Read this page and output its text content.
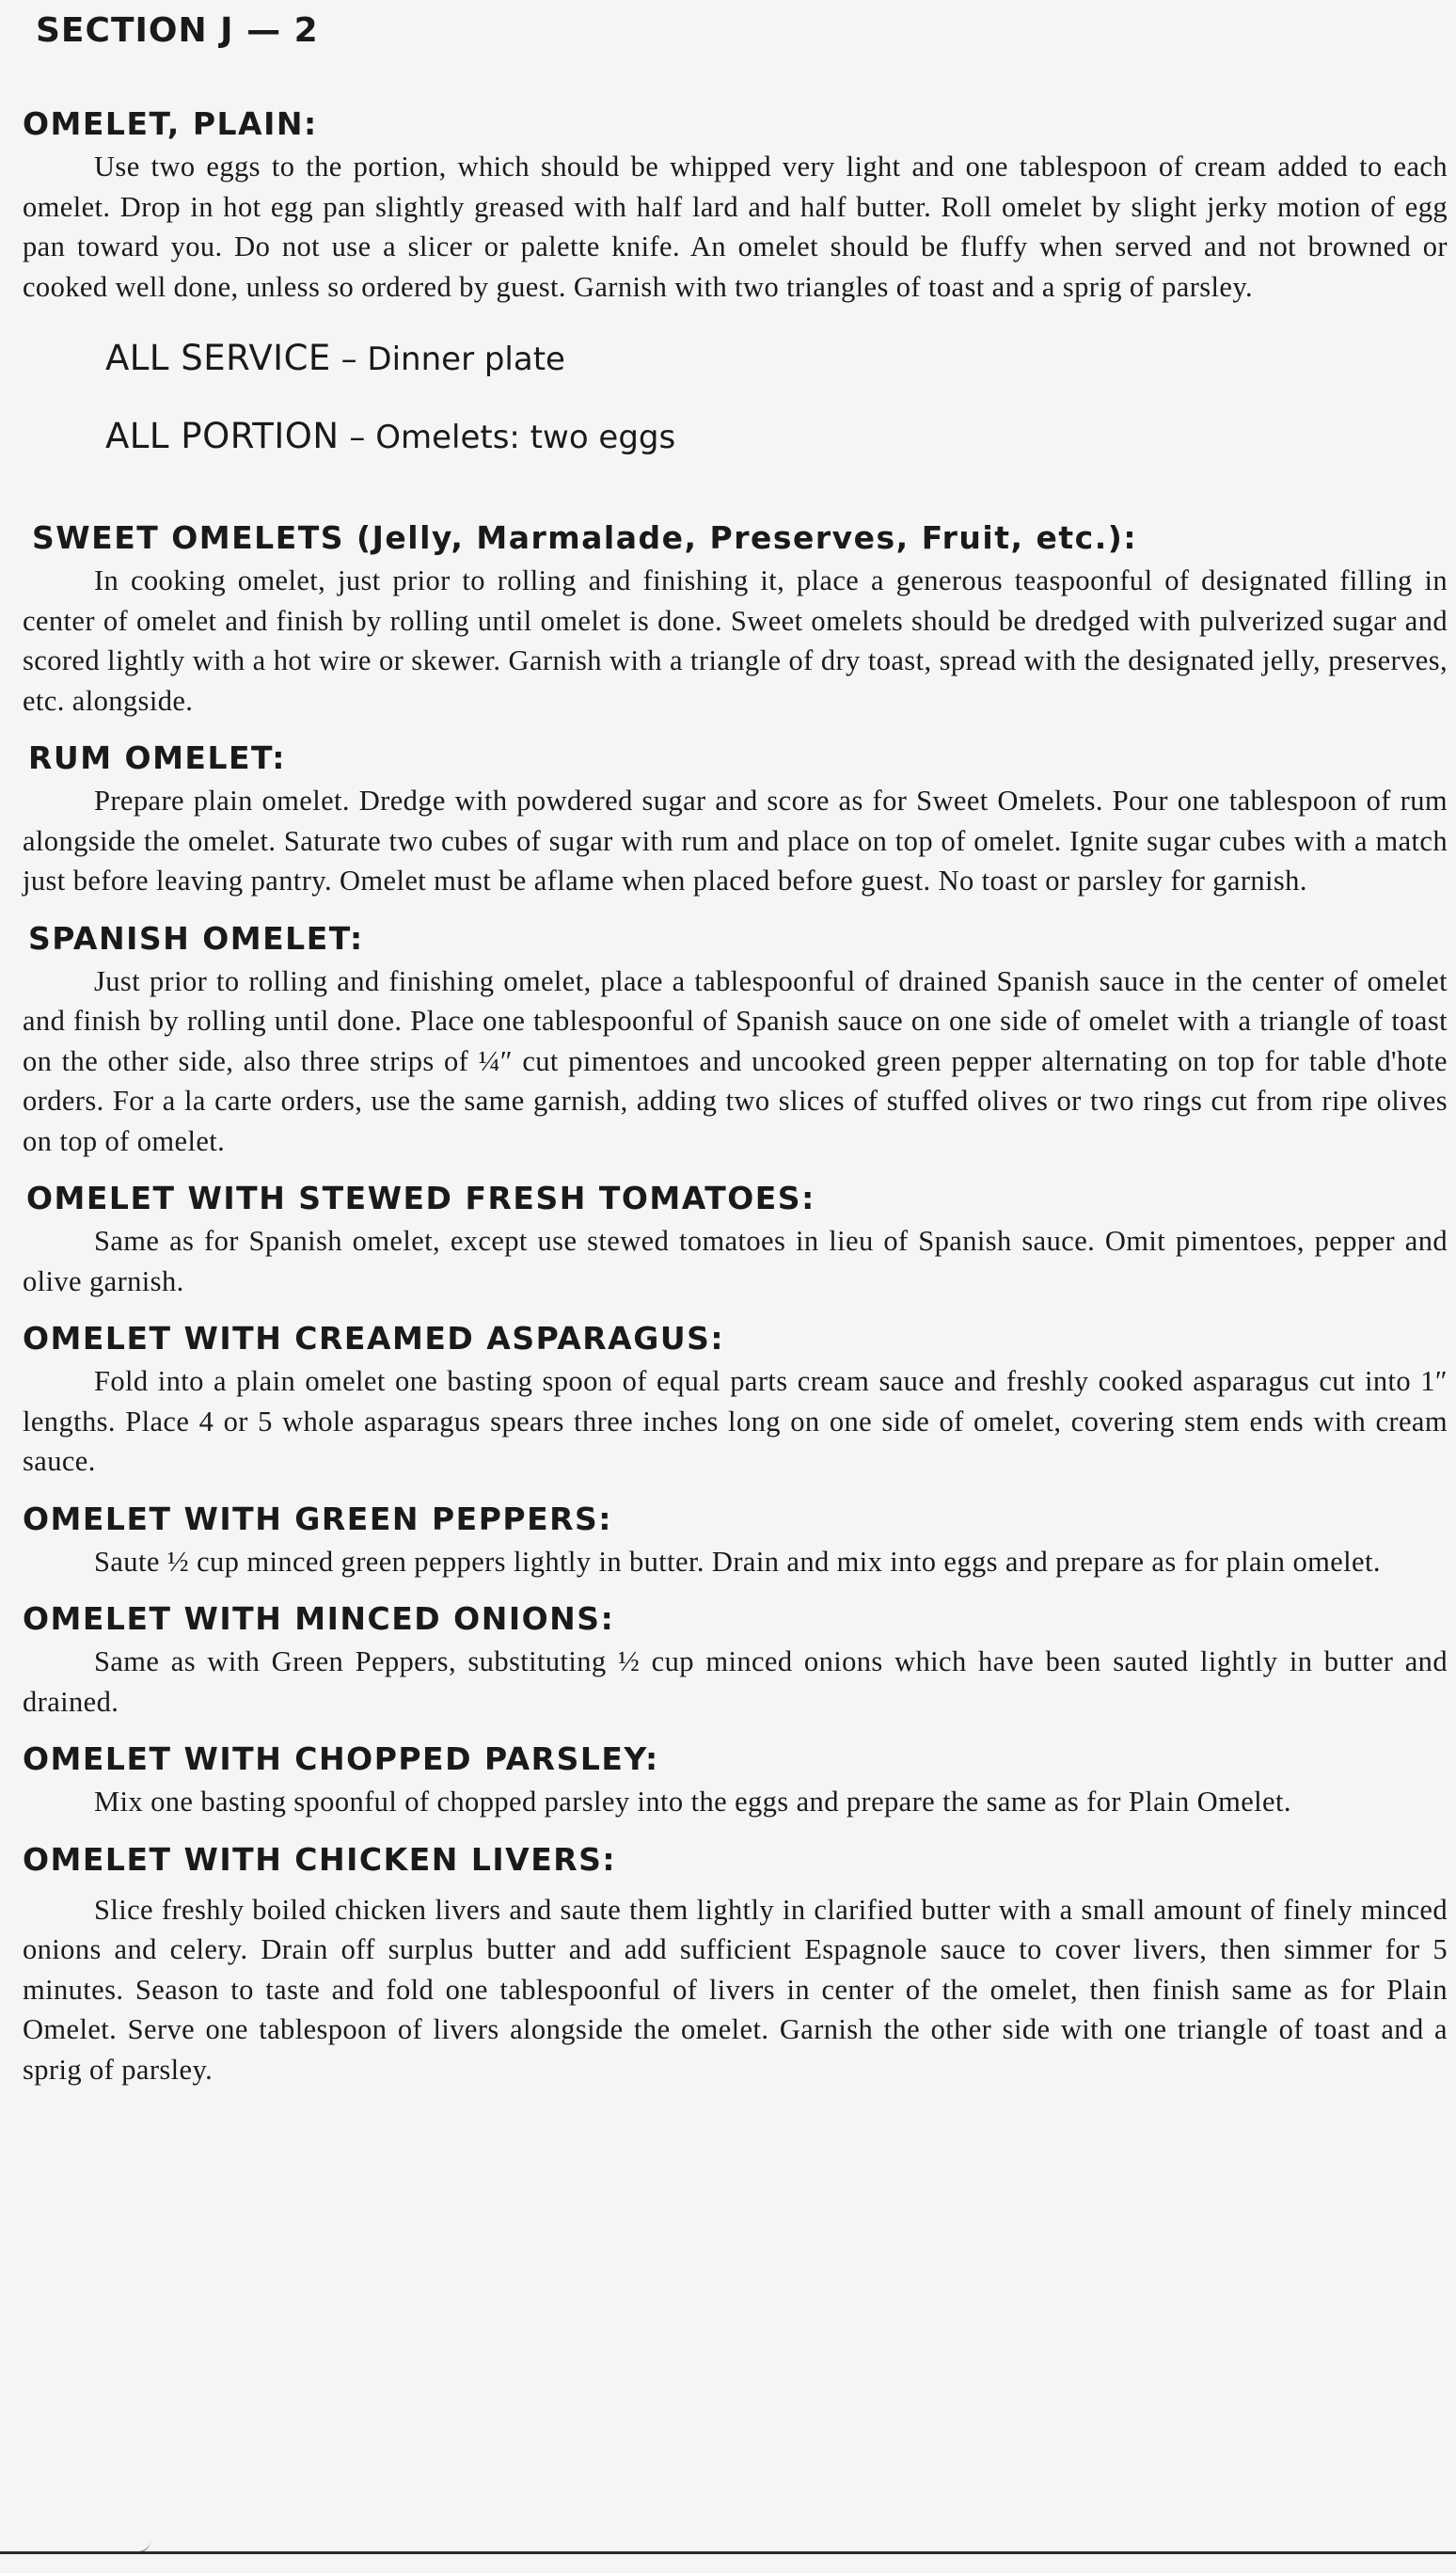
SECTION J — 2
OMELET, PLAIN:

Use two eggs to the portion, which should be whipped very light and one tablespoon of cream added to each omelet. Drop in hot egg pan slightly greased with half lard and half butter. Roll omelet by slight jerky motion of egg pan toward you. Do not use a slicer or palette knife. An omelet should be fluffy when served and not browned or cooked well done, unless so ordered by guest. Garnish with two triangles of toast and a sprig of parsley.

ALL SERVICE – Dinner plate
ALL PORTION – Omelets: two eggs
SWEET OMELETS (Jelly, Marmalade, Preserves, Fruit, etc.):

In cooking omelet, just prior to rolling and finishing it, place a generous teaspoonful of designated filling in center of omelet and finish by rolling until omelet is done. Sweet omelets should be dredged with pulverized sugar and scored lightly with a hot wire or skewer. Garnish with a triangle of dry toast, spread with the designated jelly, preserves, etc. alongside.

RUM OMELET:

Prepare plain omelet. Dredge with powdered sugar and score as for Sweet Omelets. Pour one tablespoon of rum alongside the omelet. Saturate two cubes of sugar with rum and place on top of omelet. Ignite sugar cubes with a match just before leaving pantry. Omelet must be aflame when placed before guest. No toast or parsley for garnish.

SPANISH OMELET:

Just prior to rolling and finishing omelet, place a tablespoonful of drained Spanish sauce in the center of omelet and finish by rolling until done. Place one tablespoonful of Spanish sauce on one side of omelet with a triangle of toast on the other side, also three strips of ¼″ cut pimentoes and uncooked green pepper alternating on top for table d'hote orders. For a la carte orders, use the same garnish, adding two slices of stuffed olives or two rings cut from ripe olives on top of omelet.

OMELET WITH STEWED FRESH TOMATOES:

Same as for Spanish omelet, except use stewed tomatoes in lieu of Spanish sauce. Omit pimentoes, pepper and olive garnish.

OMELET WITH CREAMED ASPARAGUS:

Fold into a plain omelet one basting spoon of equal parts cream sauce and freshly cooked asparagus cut into 1″ lengths. Place 4 or 5 whole asparagus spears three inches long on one side of omelet, covering stem ends with cream sauce.

OMELET WITH GREEN PEPPERS:

Saute ½ cup minced green peppers lightly in butter. Drain and mix into eggs and prepare as for plain omelet.

OMELET WITH MINCED ONIONS:

Same as with Green Peppers, substituting ½ cup minced onions which have been sauted lightly in butter and drained.

OMELET WITH CHOPPED PARSLEY:

Mix one basting spoonful of chopped parsley into the eggs and prepare the same as for Plain Omelet.

OMELET WITH CHICKEN LIVERS:

Slice freshly boiled chicken livers and saute them lightly in clarified butter with a small amount of finely minced onions and celery. Drain off surplus butter and add sufficient Espagnole sauce to cover livers, then simmer for 5 minutes. Season to taste and fold one tablespoonful of livers in center of the omelet, then finish same as for Plain Omelet. Serve one tablespoon of livers alongside the omelet. Garnish the other side with one triangle of toast and a sprig of parsley.
